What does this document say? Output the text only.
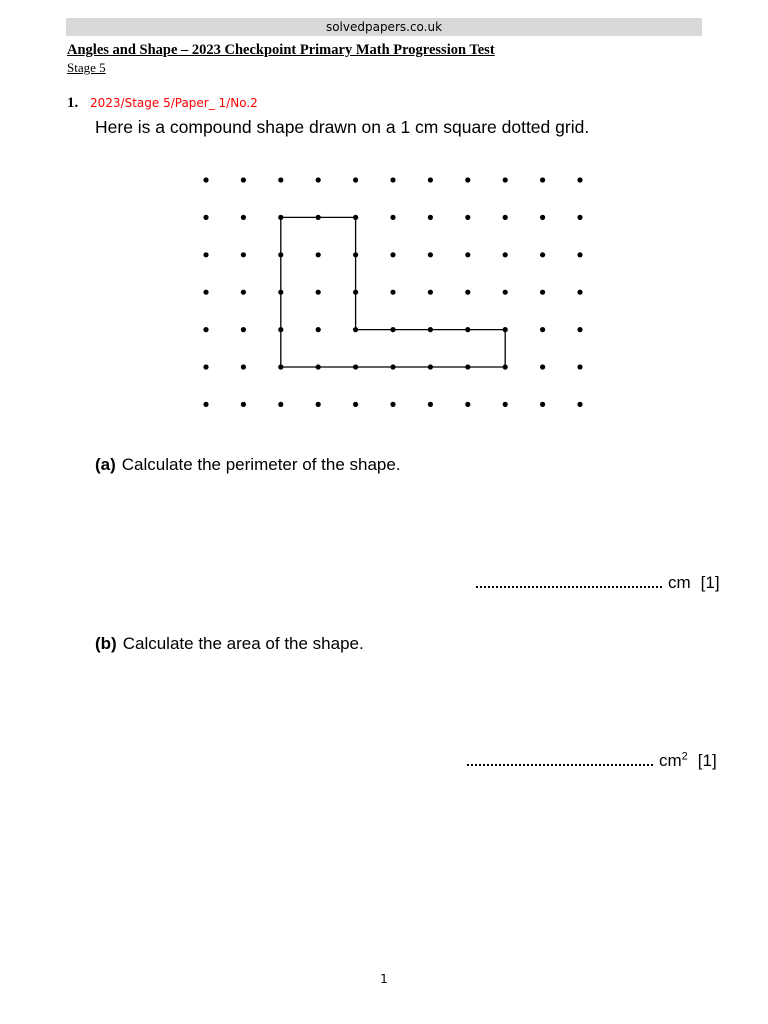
solvedpapers.co.uk
Angles and Shape – 2023 Checkpoint Primary Math Progression Test
Stage 5
1. 2023/Stage 5/Paper_ 1/No.2
Here is a compound shape drawn on a 1 cm square dotted grid.
(a) Calculate the perimeter of the shape.
cm [1]
(b) Calculate the area of the shape.
$cm^2$ [1]
1
